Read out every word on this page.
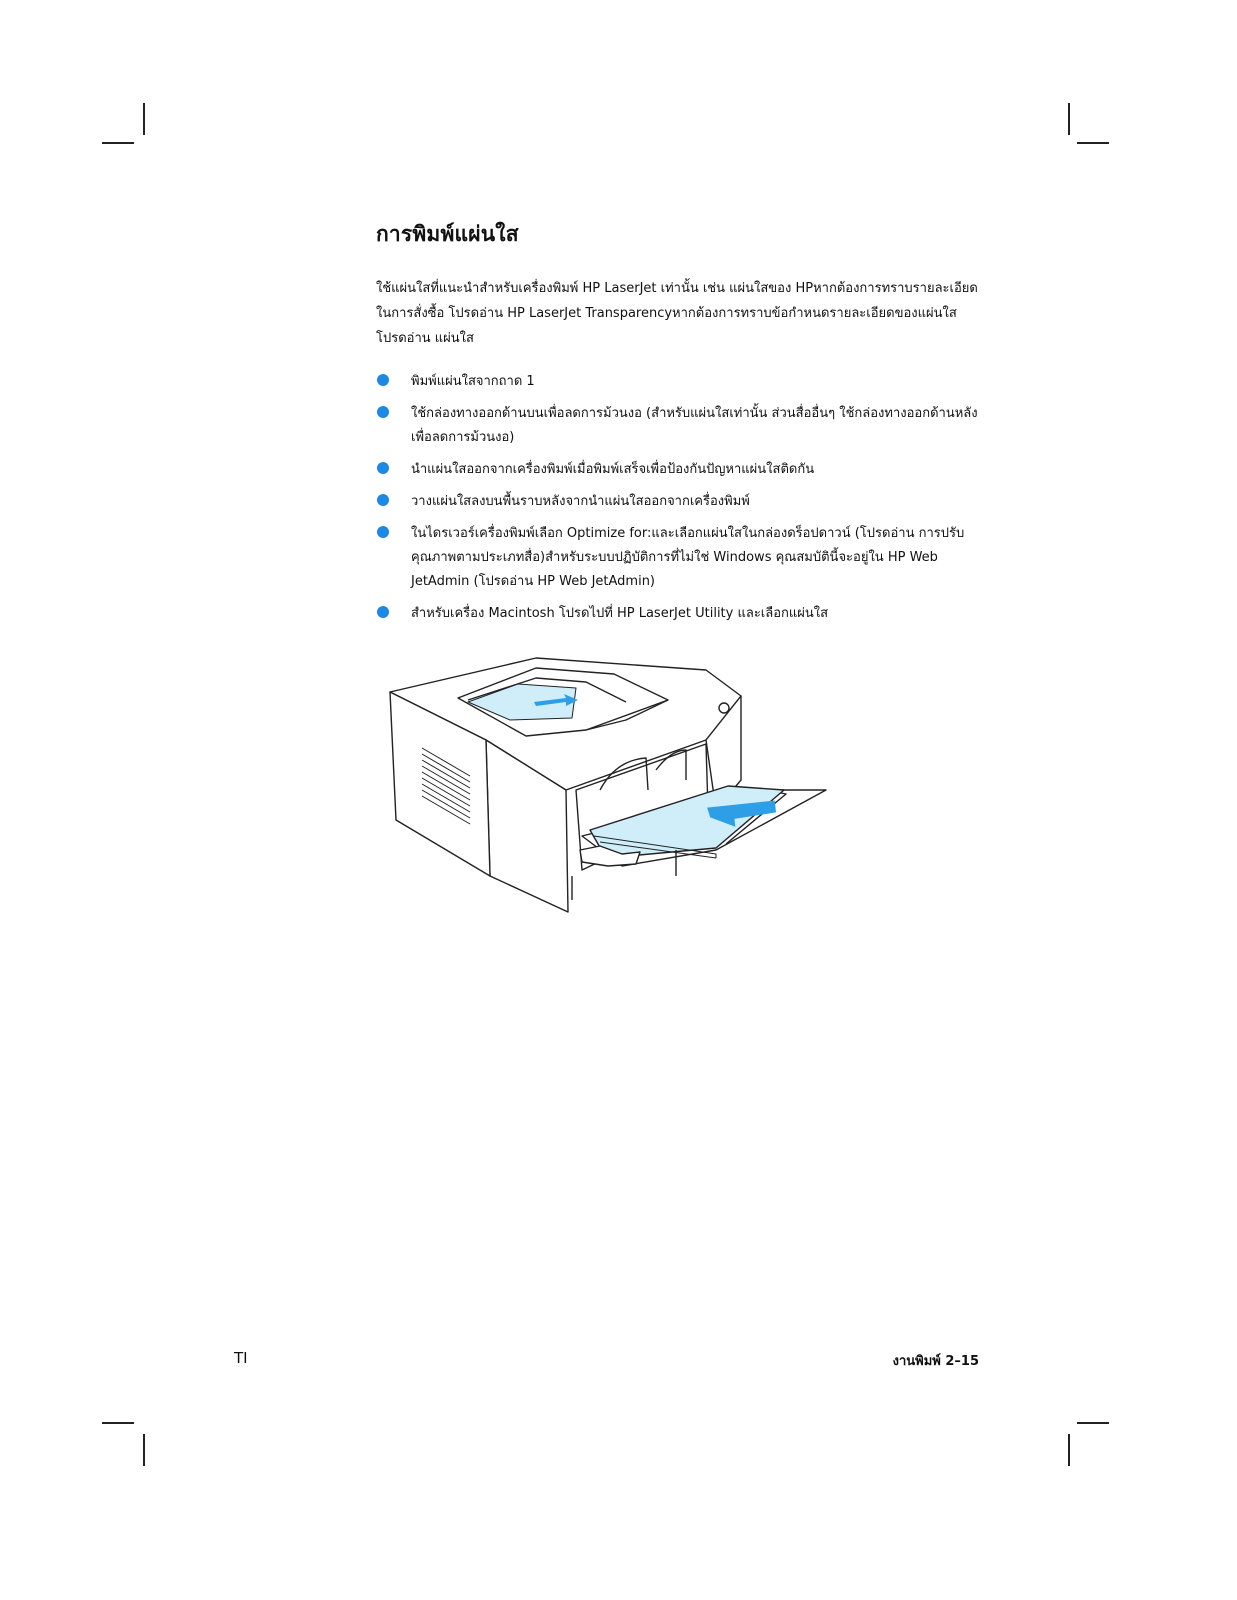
การพิมพ์แผ่นใส

ใช้แผ่นใสที่แนะนำสำหรับเครื่องพิมพ์ HP LaserJet เท่านั้น เช่น แผ่นใสของ HPหากต้องการทราบรายละเอียดในการสั่งซื้อ โปรดอ่าน HP LaserJet Transparencyหากต้องการทราบข้อกำหนดรายละเอียดของแผ่นใส โปรดอ่าน แผ่นใส

พิมพ์แผ่นใสจากถาด 1
ใช้กล่องทางออกด้านบนเพื่อลดการม้วนงอ (สำหรับแผ่นใสเท่านั้น ส่วนสื่ออื่นๆ ใช้กล่องทางออกด้านหลังเพื่อลดการม้วนงอ)
นำแผ่นใสออกจากเครื่องพิมพ์เมื่อพิมพ์เสร็จเพื่อป้องกันปัญหาแผ่นใสติดกัน
วางแผ่นใสลงบนพื้นราบหลังจากนำแผ่นใสออกจากเครื่องพิมพ์
ในไดรเวอร์เครื่องพิมพ์เลือก Optimize for:และเลือกแผ่นใสในกล่องดร็อปดาวน์ (โปรดอ่าน การปรับคุณภาพตามประเภทสื่อ)สำหรับระบบปฏิบัติการที่ไม่ใช่ Windows คุณสมบัตินี้จะอยู่ใน HP Web JetAdmin (โปรดอ่าน HP Web JetAdmin)
สำหรับเครื่อง Macintosh โปรดไปที่ HP LaserJet Utility และเลือกแผ่นใส
TI	งานพิมพ์ 2–15
